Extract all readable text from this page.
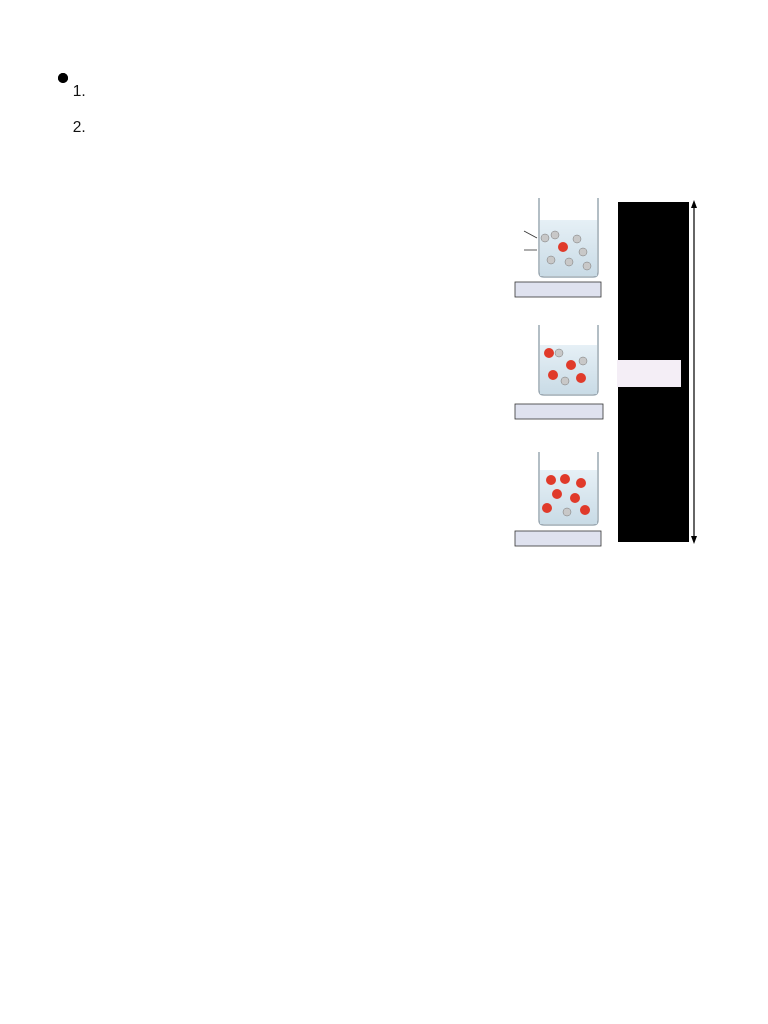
1.
2.
